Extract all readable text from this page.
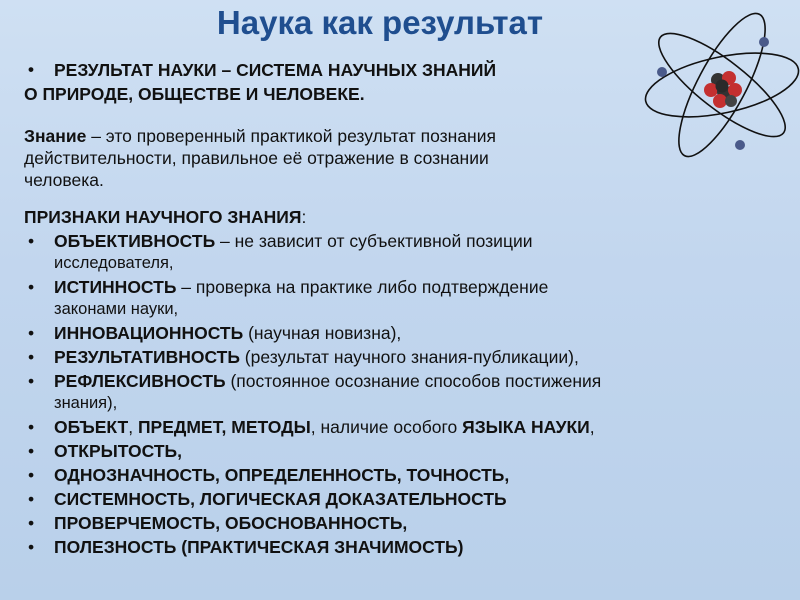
Наука как результат
• РЕЗУЛЬТАТ НАУКИ – СИСТЕМА НАУЧНЫХ ЗНАНИЙ
О ПРИРОДЕ, ОБЩЕСТВЕ И ЧЕЛОВЕКЕ.
Знание – это проверенный практикой результат познания
действительности, правильное её отражение в сознании
человека.
ПРИЗНАКИ НАУЧНОГО ЗНАНИЯ:
• ОБЪЕКТИВНОСТЬ – не зависит от субъективной позиции
исследователя,
• ИСТИННОСТЬ – проверка на практике либо подтверждение
законами науки,
• ИННОВАЦИОННОСТЬ (научная новизна),
• РЕЗУЛЬТАТИВНОСТЬ (результат научного знания-публикации),
• РЕФЛЕКСИВНОСТЬ (постоянное осознание способов постижения
знания),
• ОБЪЕКТ, ПРЕДМЕТ, МЕТОДЫ, наличие особого ЯЗЫКА НАУКИ,
• ОТКРЫТОСТЬ,
• ОДНОЗНАЧНОСТЬ, ОПРЕДЕЛЕННОСТЬ, ТОЧНОСТЬ,
• СИСТЕМНОСТЬ, ЛОГИЧЕСКАЯ ДОКАЗАТЕЛЬНОСТЬ
• ПРОВЕРЧЕМОСТЬ, ОБОСНОВАННОСТЬ,
• ПОЛЕЗНОСТЬ (ПРАКТИЧЕСКАЯ ЗНАЧИМОСТЬ)
